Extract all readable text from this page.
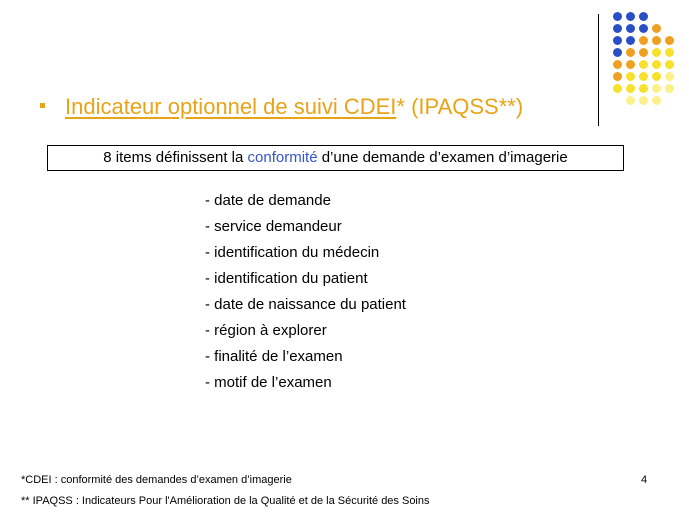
Indicateur optionnel de suivi CDEI* (IPAQSS**)
8 items définissent la conformité d’une demande d’examen d’imagerie
- date de demande
- service demandeur
- identification du médecin
- identification du patient
- date de naissance du patient
- région à explorer
- finalité de l’examen
- motif de l’examen
*CDEI : conformité des demandes d’examen d’imagerie
** IPAQSS : Indicateurs Pour l'Amélioration de la Qualité et de la Sécurité des Soins
4
